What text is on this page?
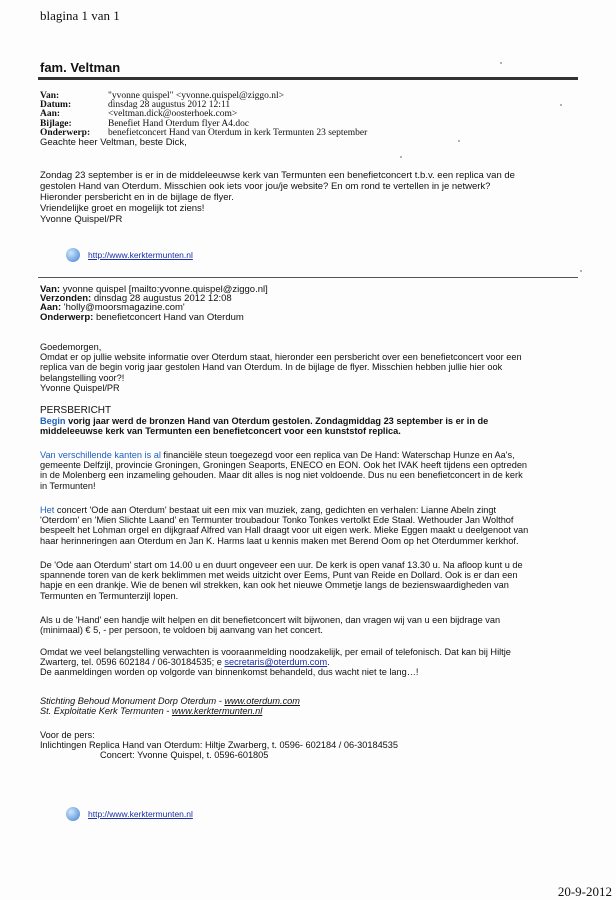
blagina 1 van 1
fam. Veltman
Van:	"yvonne quispel" <yvonne.quispel@ziggo.nl>
Datum:	dinsdag 28 augustus 2012 12:11
Aan:	<veltman.dick@oosterhoek.com>
Bijlage:	Benefiet Hand Oterdum flyer A4.doc
Onderwerp:	benefietconcert Hand van Oterdum in kerk Termunten 23 september
Geachte heer Veltman, beste Dick,
Zondag 23 september is er in de middeleeuwse kerk van Termunten een benefietconcert t.b.v. een replica van de
gestolen Hand van Oterdum. Misschien ook iets voor jou/je website? En om rond te vertellen in je netwerk?
Hieronder persbericht en in de bijlage de flyer.
Vriendelijke groet en mogelijk tot ziens!
Yvonne Quispel/PR
http://www.kerktermunten.nl
Van: yvonne quispel [mailto:yvonne.quispel@ziggo.nl]
Verzonden: dinsdag 28 augustus 2012 12:08
Aan: 'holly@moorsmagazine.com'
Onderwerp: benefietconcert Hand van Oterdum
Goedemorgen,
Omdat er op jullie website informatie over Oterdum staat, hieronder een persbericht over een benefietconcert voor een
replica van de begin vorig jaar gestolen Hand van Oterdum. In de bijlage de flyer. Misschien hebben jullie hier ook
belangstelling voor?!
Yvonne Quispel/PR
PERSBERICHT
Begin vorig jaar werd de bronzen Hand van Oterdum gestolen. Zondagmiddag 23 september is er in de
middeleeuwse kerk van Termunten een benefietconcert voor een kunststof replica.
Van verschillende kanten is al financiële steun toegezegd voor een replica van De Hand: Waterschap Hunze en Aa's,
gemeente Delfzijl, provincie Groningen, Groningen Seaports, ENECO en EON. Ook het IVAK heeft tijdens een optreden
in de Molenberg een inzameling gehouden. Maar dit alles is nog niet voldoende. Dus nu een benefietconcert in de kerk
in Termunten!
Het concert 'Ode aan Oterdum' bestaat uit een mix van muziek, zang, gedichten en verhalen: Lianne Abeln zingt
'Oterdom' en 'Mien Slichte Laand' en Termunter troubadour Tonko Tonkes vertolkt Ede Staal. Wethouder Jan Wolthof
bespeelt het Lohman orgel en dijkgraaf Alfred van Hall draagt voor uit eigen werk. Mieke Eggen maakt u deelgenoot van
haar herinneringen aan Oterdum en Jan K. Harms laat u kennis maken met Berend Oom op het Oterdummer kerkhof.
De 'Ode aan Oterdum' start om 14.00 u en duurt ongeveer een uur. De kerk is open vanaf 13.30 u. Na afloop kunt u de
spannende toren van de kerk beklimmen met weids uitzicht over Eems, Punt van Reide en Dollard. Ook is er dan een
hapje en een drankje. Wie de benen wil strekken, kan ook het nieuwe Ommetje langs de bezienswaardigheden van
Termunten en Termunterzijl lopen.
Als u de 'Hand' een handje wilt helpen en dit benefietconcert wilt bijwonen, dan vragen wij van u een bijdrage van
(minimaal) € 5, - per persoon, te voldoen bij aanvang van het concert.
Omdat we veel belangstelling verwachten is vooraanmelding noodzakelijk, per email of telefonisch. Dat kan bij Hiltje
Zwarterg, tel. 0596 602184 / 06-30184535; e secretaris@oterdum.com.
De aanmeldingen worden op volgorde van binnenkomst behandeld, dus wacht niet te lang…!
Stichting Behoud Monument Dorp Oterdum - www.oterdum.com
St. Exploitatie Kerk Termunten - www.kerktermunten.nl
Voor de pers:
Inlichtingen Replica Hand van Oterdum: Hiltje Zwarberg, t. 0596- 602184 / 06-30184535
Concert: Yvonne Quispel, t. 0596-601805
http://www.kerktermunten.nl
20-9-2012
